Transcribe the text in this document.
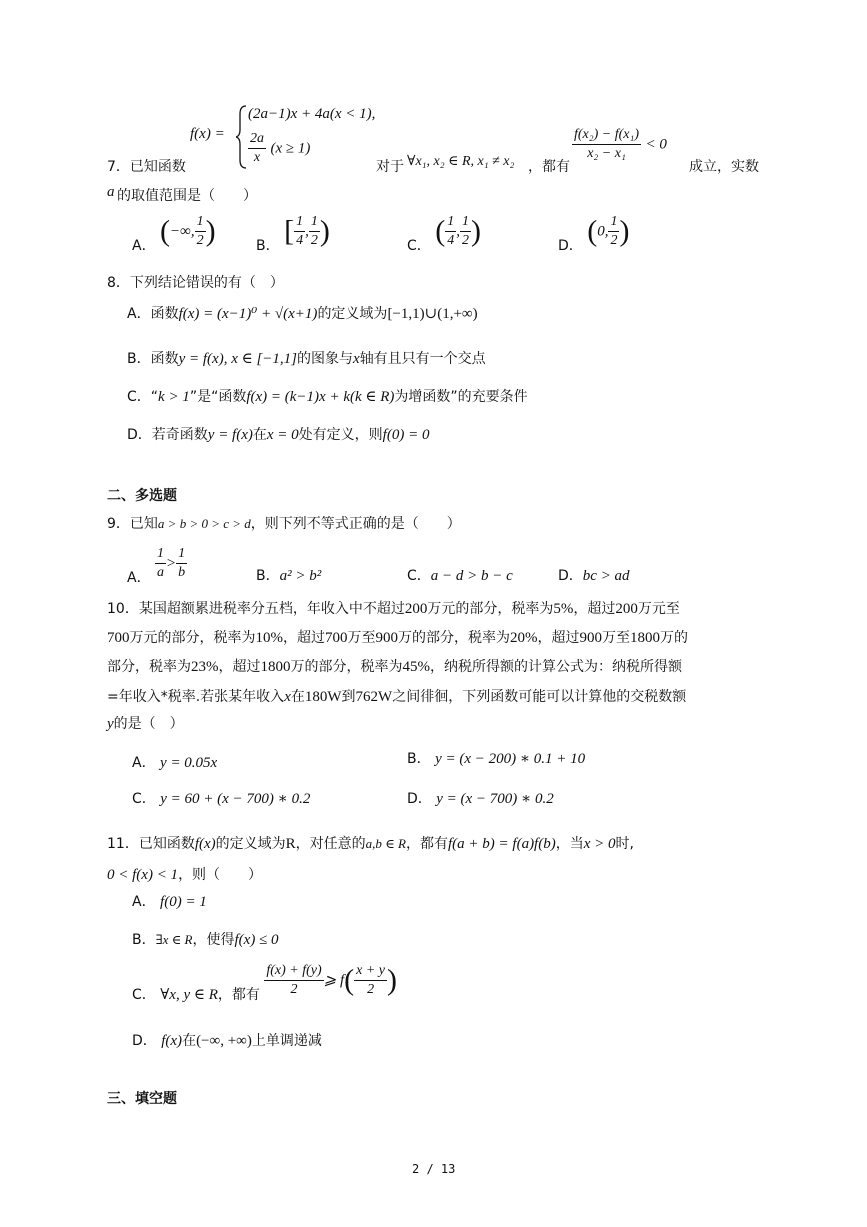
f(x) =
(2a−1)x + 4a(x < 1),
$\frac{2a}{x} (x \ge 1)$
7．已知函数	对于 ∀x₁, x₂ ∈ R, x₁ ≠ x₂ ，都有
$\frac{\text{f(x₂) − f(x₁)}}{\text{x₂ − x₁}} < 0$
成立，实数
a 的取值范围是（　　）
A． (−∞, $\frac{1}{2}$ )	B． [ $\frac{1}{4}$ , $\frac{1}{2}$ )	C． ( $\frac{1}{4}$ , $\frac{1}{2}$ )	D． (0, $\frac{1}{2}$ )
8．下列结论错误的有（　）
A．函数f(x) = (x−1)⁰ + √(x+1)的定义域为[−1,1)∪(1,+∞)
B．函数y = f(x), x ∈ [−1,1]的图象与x轴有且只有一个交点
C．“k > 1”是“函数f(x) = (k−1)x + k(k ∈ R)为增函数”的充要条件
D．若奇函数y = f(x)在x = 0处有定义，则f(0) = 0
二、多选题
9．已知a > b > 0 > c > d，则下列不等式正确的是（　　）
A． $\frac{1}{a} > \frac{1}{b}$	B．a² > b²	C．a − d > b − c	D．bc > ad
10．某国超额累进税率分五档，年收入中不超过200万元的部分，税率为5%，超过200万元至
700万元的部分，税率为10%，超过700万至900万的部分，税率为20%，超过900万至1800万的
部分，税率为23%，超过1800万的部分，税率为45%，纳税所得额的计算公式为：纳税所得额
=年收入*税率.若张某年收入x在180W到762W之间徘徊，下列函数可能可以计算他的交税数额
y的是（　）
A． y = 0.05x	B． y = (x − 200) ∗ 0.1 + 10
C． y = 60 + (x − 700) ∗ 0.2	D． y = (x − 700) ∗ 0.2
11．已知函数f(x)的定义域为R，对任意的a,b ∈ R，都有f(a + b) = f(a)f(b)，当x > 0时,
0 < f(x) < 1，则（　　）
A． f(0) = 1
B．∃x ∈ R，使得f(x) ≤ 0
C． ∀x, y ∈ R，都有 $\frac{f(x) + f(y)}{2}$ ⩾ $f( \frac{x + y}{2}$ )
D． f(x)在(−∞, +∞)上单调递减
三、填空题
2 / 13
